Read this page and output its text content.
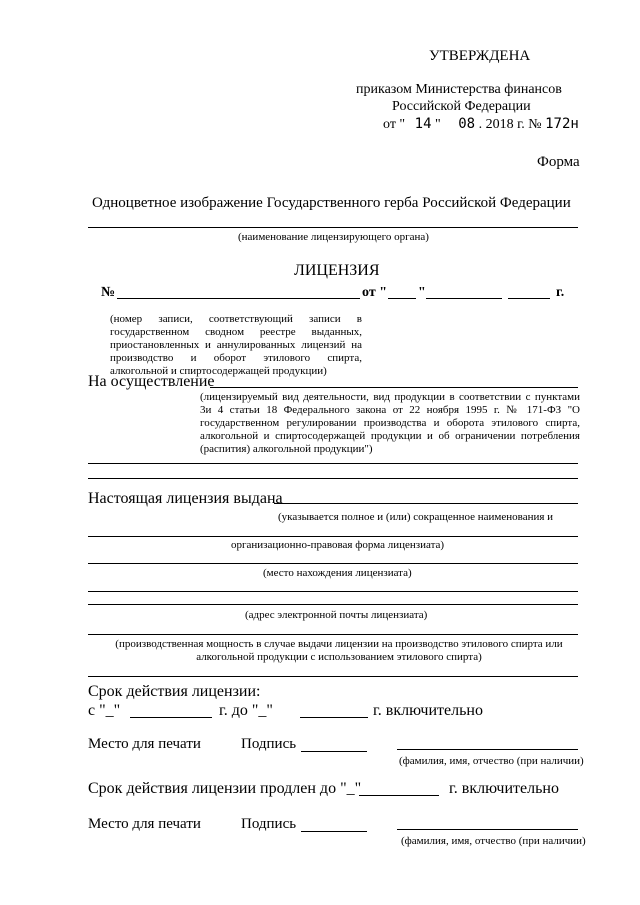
УТВЕРЖДЕНА
приказом Министерства финансов
Российской Федерации
от " 14 " 08 . 2018 г. № 172н
Форма
Одноцветное изображение Государственного герба Российской Федерации
(наименование лицензирующего органа)
ЛИЦЕНЗИЯ
№	от " "	г.
(номер записи, соответствующий записи в государственном сводном реестре выданных, приостановленных и аннулированных лицензий на производство и оборот этилового спирта, алкогольной и спиртосодержащей продукции)
На осуществление
(лицензируемый вид деятельности, вид продукции в соответствии с пунктами 3и 4 статьи 18 Федерального закона от 22 ноября 1995 г. № 171-ФЗ "О государственном регулировании производства и оборота этилового спирта, алкогольной и спиртосодержащей продукции и об ограничении потребления (распития) алкогольной продукции")
Настоящая лицензия выдана
(указывается полное и (или) сокращенное наименования и
организационно-правовая форма лицензиата)
(место нахождения лицензиата)
(адрес электронной почты лицензиата)
(производственная мощность в случае выдачи лицензии на производство этилового спирта или алкогольной продукции с использованием этилового спирта)
Срок действия лицензии:
с "_"	г. до "_"	г. включительно
Место для печати	Подпись
(фамилия, имя, отчество (при наличии)
Срок действия лицензии продлен до "_"	г. включительно
Место для печати	Подпись
(фамилия, имя, отчество (при наличии)
